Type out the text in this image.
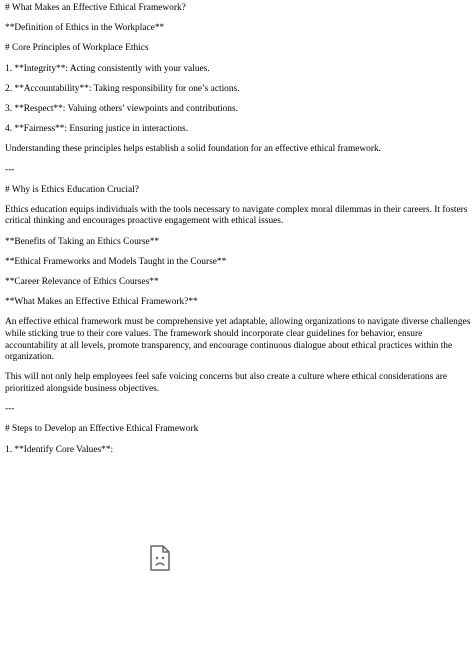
# What Makes an Effective Ethical Framework?
**Definition of Ethics in the Workplace**
# Core Principles of Workplace Ethics
1. **Integrity**: Acting consistently with your values.
2. **Accountability**: Taking responsibility for one’s actions.
3. **Respect**: Valuing others’ viewpoints and contributions.
4. **Fairness**: Ensuring justice in interactions.
Understanding these principles helps establish a solid foundation for an effective ethical framework.
---
# Why is Ethics Education Crucial?
Ethics education equips individuals with the tools necessary to navigate complex moral dilemmas in their careers. It fosters critical thinking and encourages proactive engagement with ethical issues.
**Benefits of Taking an Ethics Course**
**Ethical Frameworks and Models Taught in the Course**
**Career Relevance of Ethics Courses**
**What Makes an Effective Ethical Framework?**
An effective ethical framework must be comprehensive yet adaptable, allowing organizations to navigate diverse challenges while sticking true to their core values. The framework should incorporate clear guidelines for behavior, ensure accountability at all levels, promote transparency, and encourage continuous dialogue about ethical practices within the organization.
This will not only help employees feel safe voicing concerns but also create a culture where ethical considerations are prioritized alongside business objectives.
---
# Steps to Develop an Effective Ethical Framework
1. **Identify Core Values**:
